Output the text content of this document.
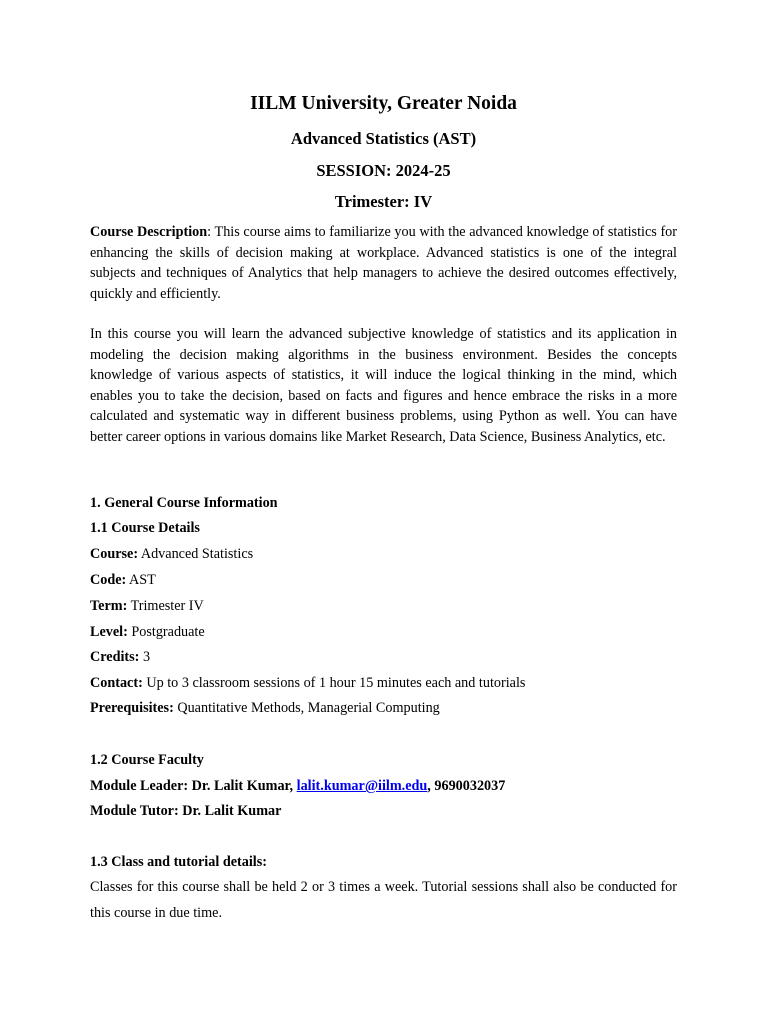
IILM University, Greater Noida
Advanced Statistics (AST)
SESSION: 2024-25
Trimester: IV

Course Description: This course aims to familiarize you with the advanced knowledge of statistics for enhancing the skills of decision making at workplace. Advanced statistics is one of the integral subjects and techniques of Analytics that help managers to achieve the desired outcomes effectively, quickly and efficiently.

In this course you will learn the advanced subjective knowledge of statistics and its application in modeling the decision making algorithms in the business environment. Besides the concepts knowledge of various aspects of statistics, it will induce the logical thinking in the mind, which enables you to take the decision, based on facts and figures and hence embrace the risks in a more calculated and systematic way in different business problems, using Python as well. You can have better career options in various domains like Market Research, Data Science, Business Analytics, etc.

1. General Course Information
1.1 Course Details
Course: Advanced Statistics
Code: AST
Term: Trimester IV
Level: Postgraduate
Credits: 3
Contact: Up to 3 classroom sessions of 1 hour 15 minutes each and tutorials
Prerequisites: Quantitative Methods, Managerial Computing
1.2 Course Faculty
Module Leader: Dr. Lalit Kumar, lalit.kumar@iilm.edu, 9690032037
Module Tutor: Dr. Lalit Kumar
1.3 Class and tutorial details:

Classes for this course shall be held 2 or 3 times a week. Tutorial sessions shall also be conducted for this course in due time.
